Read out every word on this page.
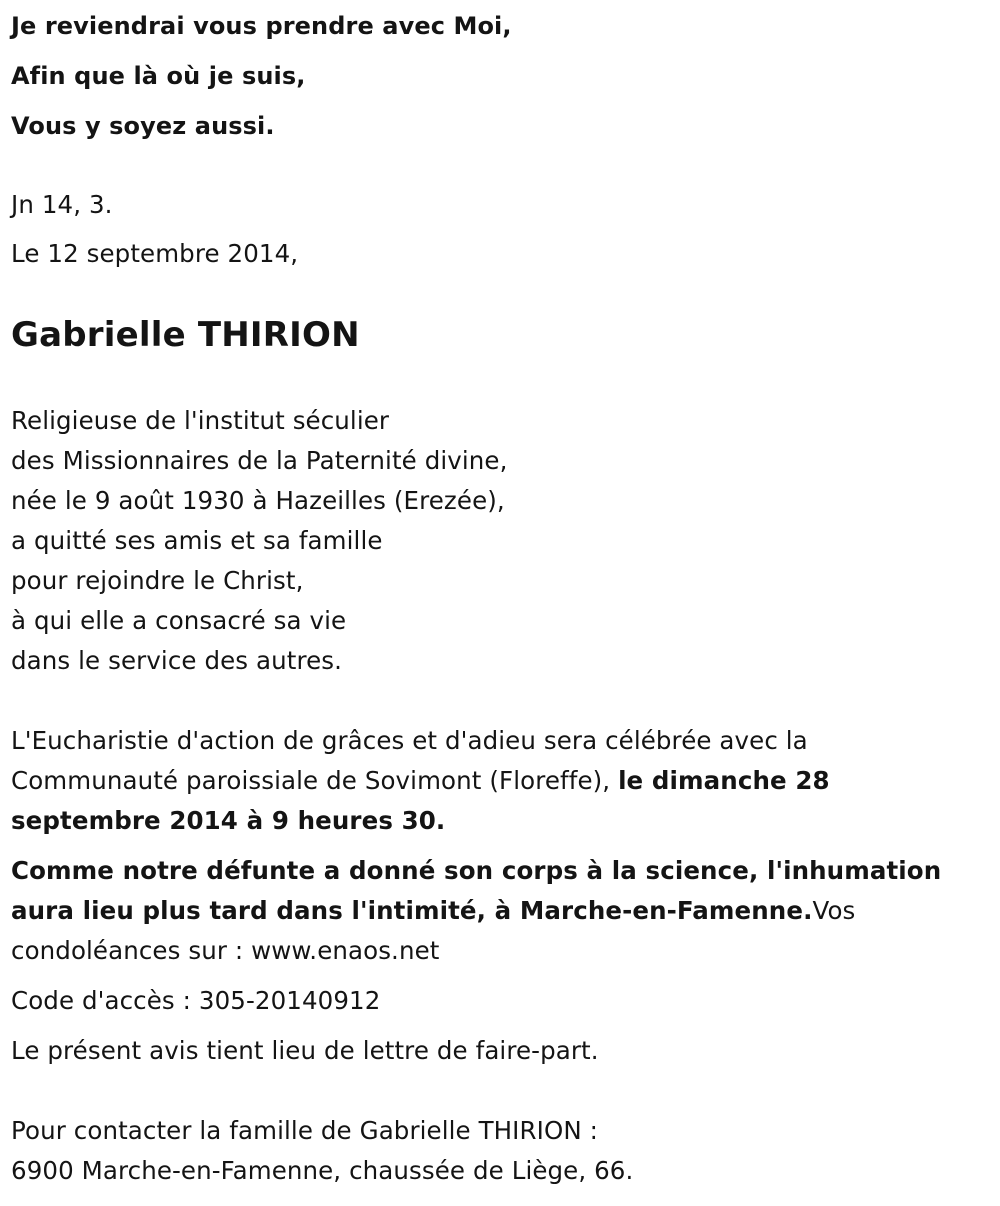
Je reviendrai vous prendre avec Moi,
Afin que là où je suis,
Vous y soyez aussi.
Jn 14, 3.
Le 12 septembre 2014,
Gabrielle THIRION
Religieuse de l'institut séculier
des Missionnaires de la Paternité divine,
née le 9 août 1930 à Hazeilles (Erezée),
a quitté ses amis et sa famille
pour rejoindre le Christ,
à qui elle a consacré sa vie
dans le service des autres.
L'Eucharistie d'action de grâces et d'adieu sera célébrée avec la
Communauté paroissiale de Sovimont (Floreffe), le dimanche 28
septembre 2014 à 9 heures 30.
Comme notre défunte a donné son corps à la science, l'inhumation
aura lieu plus tard dans l'intimité, à Marche-en-Famenne.Vos
condoléances sur : www.enaos.net
Code d'accès : 305-20140912
Le présent avis tient lieu de lettre de faire-part.
Pour contacter la famille de Gabrielle THIRION :
6900 Marche-en-Famenne, chaussée de Liège, 66.
